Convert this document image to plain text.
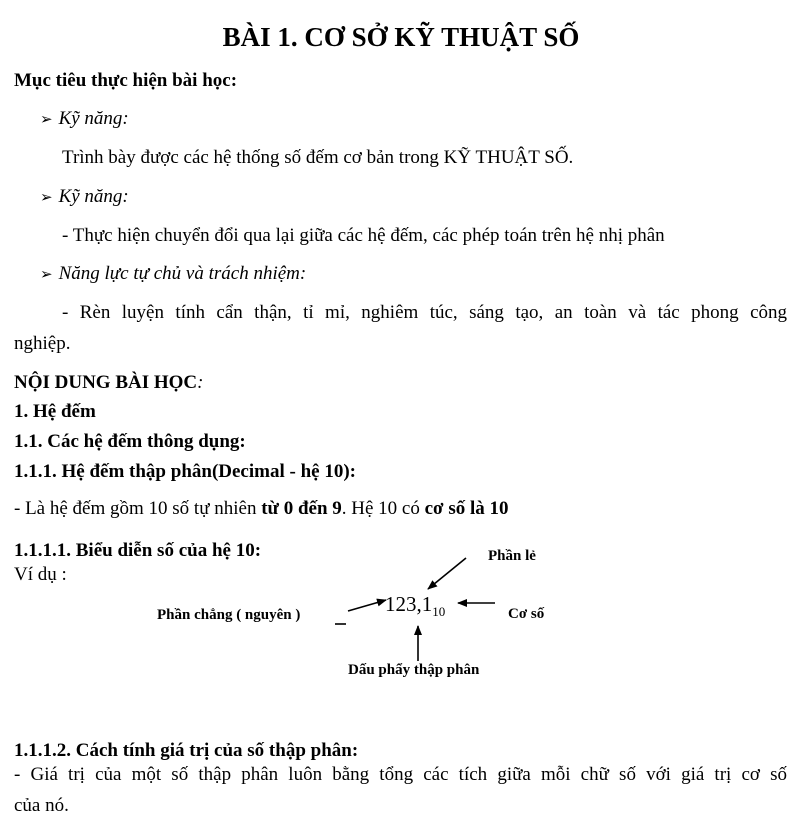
BÀI 1. CƠ SỞ KỸ THUẬT SỐ
Mục tiêu thực hiện bài học:
➢ Kỹ năng:
Trình bày được các hệ thống số đếm cơ bản trong KỸ THUẬT SỐ.
➢ Kỹ năng:
- Thực hiện chuyển đổi qua lại giữa các hệ đếm, các phép toán trên hệ nhị phân
➢ Năng lực tự chủ và trách nhiệm:
- Rèn luyện tính cẩn thận, tỉ mỉ, nghiêm túc, sáng tạo, an toàn và tác phong công
nghiệp.
NỘI DUNG BÀI HỌC:
1. Hệ đếm
1.1. Các hệ đếm thông dụng:
1.1.1. Hệ đếm thập phân(Decimal - hệ 10):
- Là hệ đếm gồm 10 số tự nhiên từ 0 đến 9. Hệ 10 có cơ số là 10
1.1.1.1. Biểu diễn số của hệ 10:
Ví dụ :
$123,1_{10}$
Phần lẻ
Phần chẳng ( nguyên )	Cơ số
Dấu phẩy thập phân
1.1.1.2. Cách tính giá trị của số thập phân:
- Giá trị của một số thập phân luôn bằng tổng các tích giữa mỗi chữ số với giá trị cơ số
của nó.
